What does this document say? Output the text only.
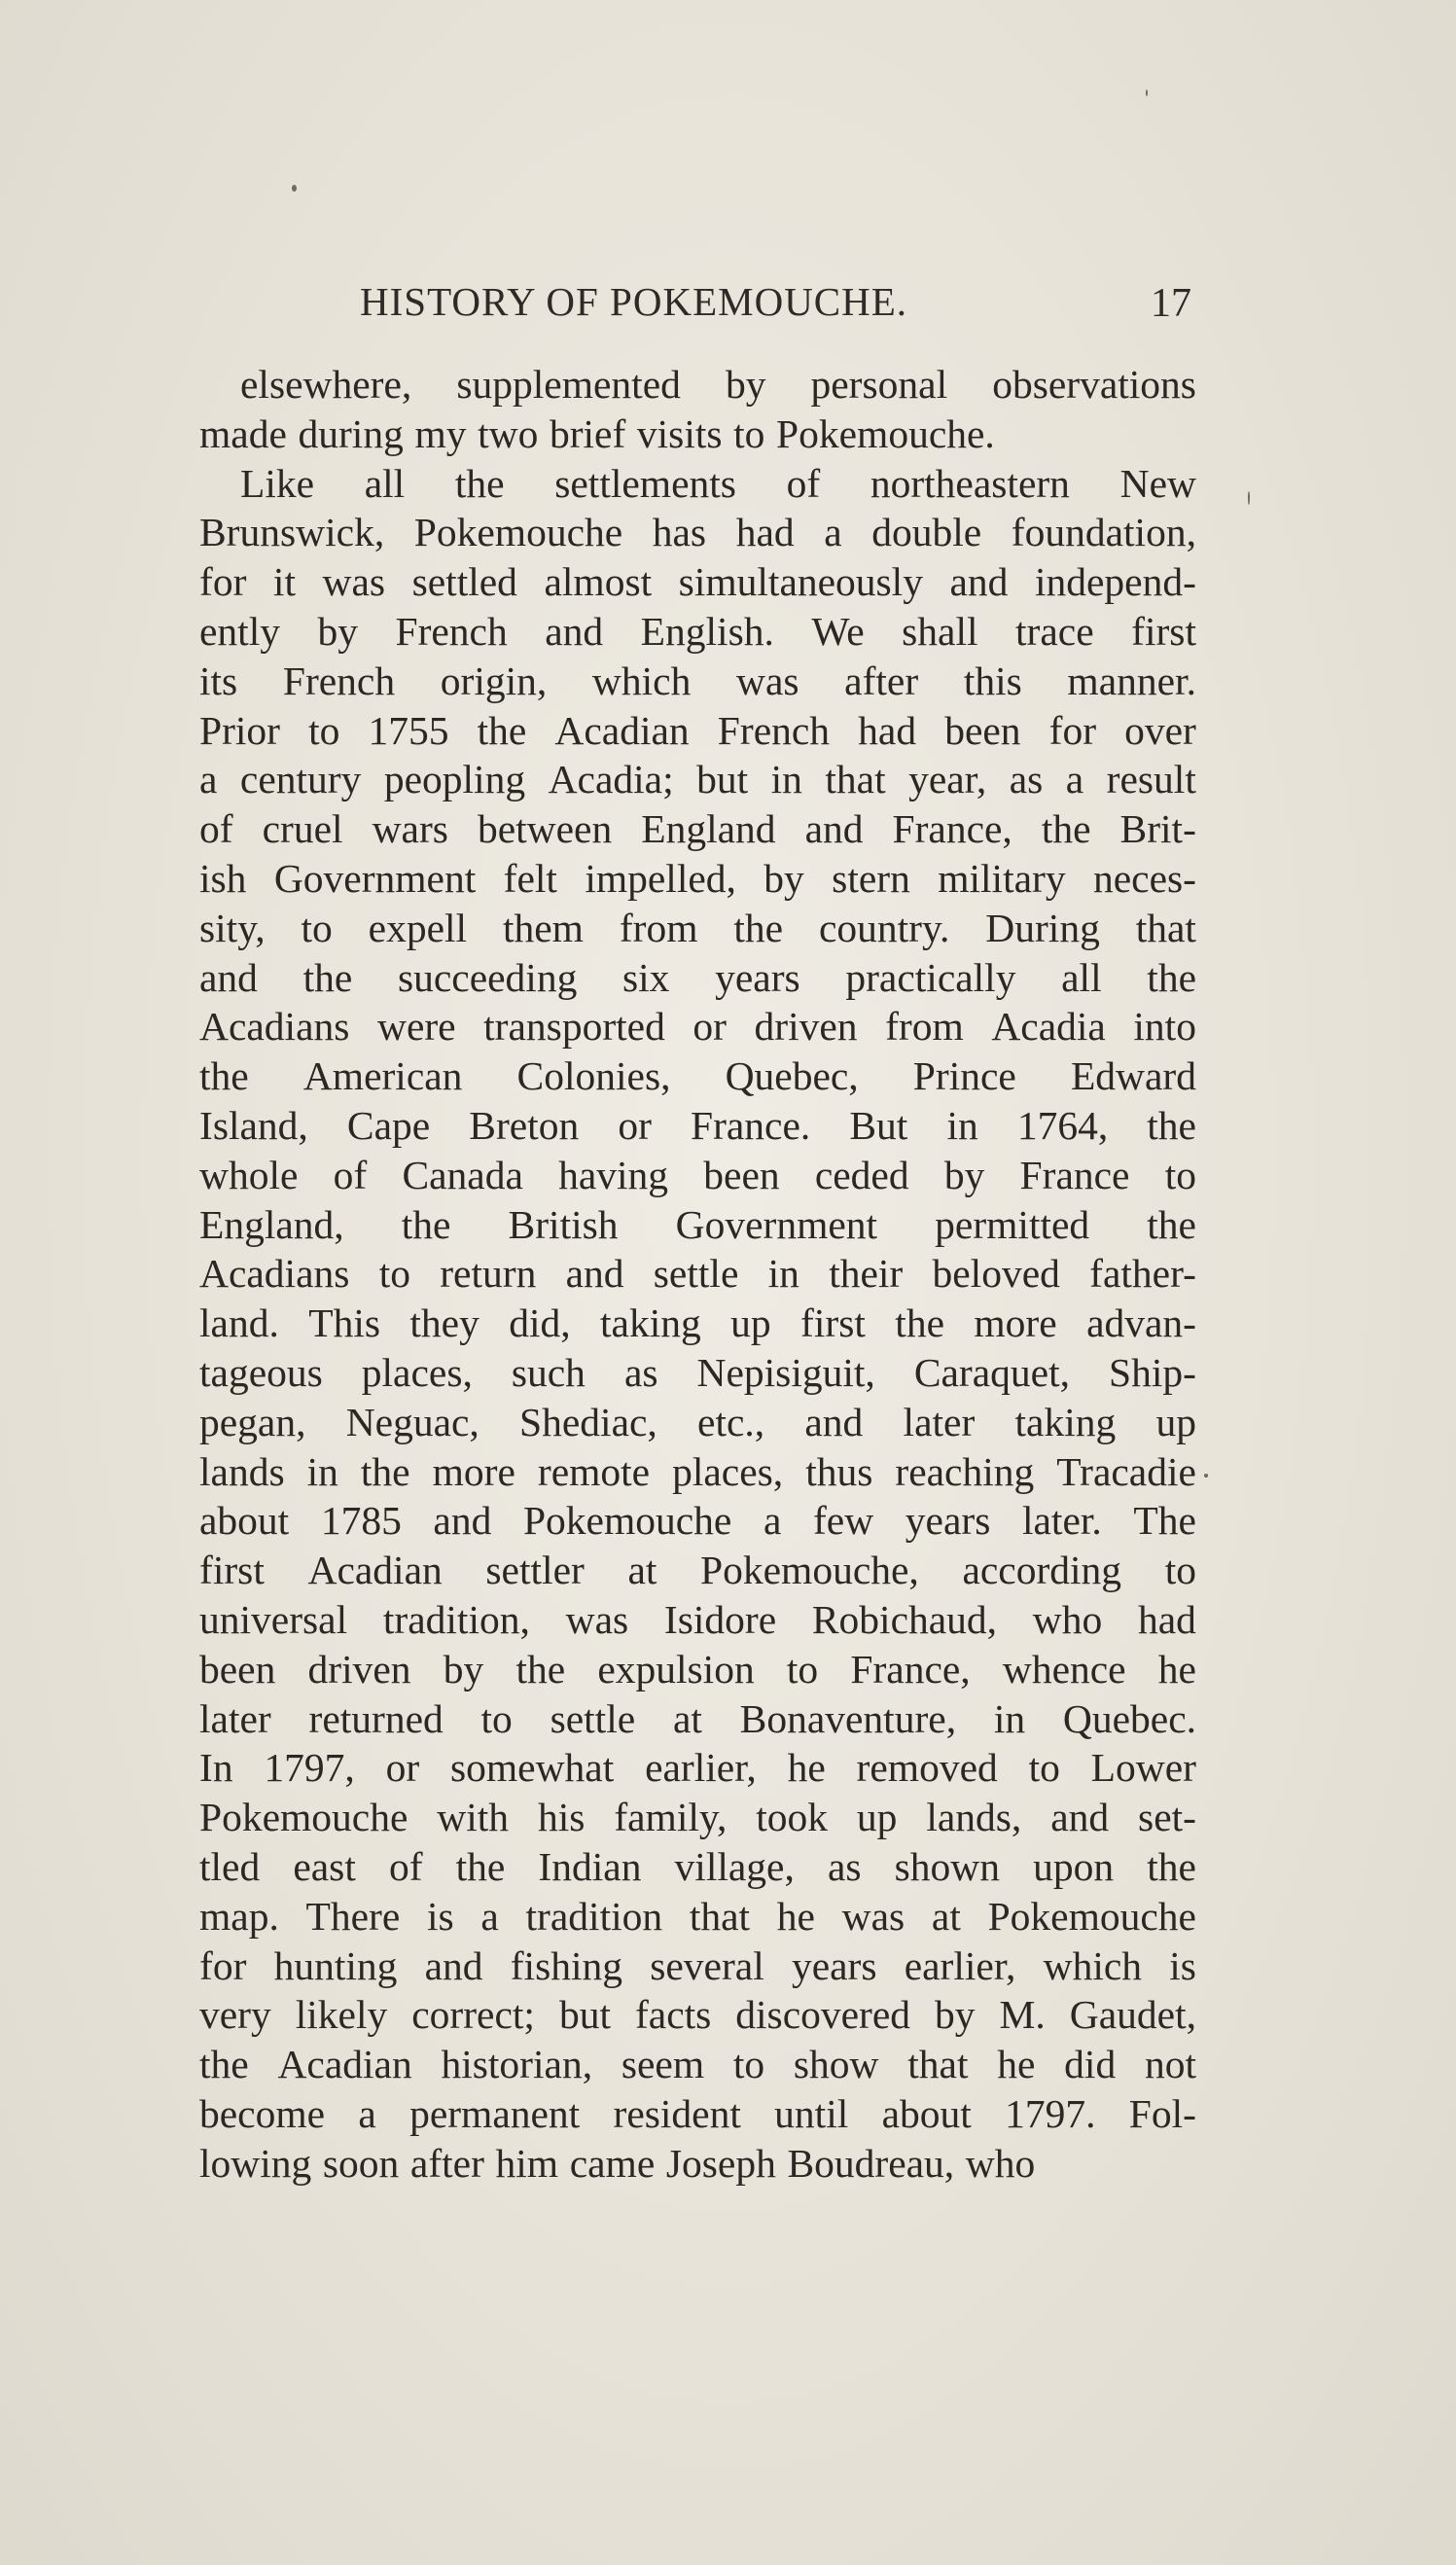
HISTORY OF POKEMOUCHE.	17
elsewhere, supplemented by personal observations
made during my two brief visits to Pokemouche.
Like all the settlements of northeastern New
Brunswick, Pokemouche has had a double foundation,
for it was settled almost simultaneously and independ-
ently by French and English. We shall trace first
its French origin, which was after this manner.
Prior to 1755 the Acadian French had been for over
a century peopling Acadia; but in that year, as a result
of cruel wars between England and France, the Brit-
ish Government felt impelled, by stern military neces-
sity, to expell them from the country. During that
and the succeeding six years practically all the
Acadians were transported or driven from Acadia into
the American Colonies, Quebec, Prince Edward
Island, Cape Breton or France. But in 1764, the
whole of Canada having been ceded by France to
England, the British Government permitted the
Acadians to return and settle in their beloved father-
land. This they did, taking up first the more advan-
tageous places, such as Nepisiguit, Caraquet, Ship-
pegan, Neguac, Shediac, etc., and later taking up
lands in the more remote places, thus reaching Tracadie
about 1785 and Pokemouche a few years later. The
first Acadian settler at Pokemouche, according to
universal tradition, was Isidore Robichaud, who had
been driven by the expulsion to France, whence he
later returned to settle at Bonaventure, in Quebec.
In 1797, or somewhat earlier, he removed to Lower
Pokemouche with his family, took up lands, and set-
tled east of the Indian village, as shown upon the
map. There is a tradition that he was at Pokemouche
for hunting and fishing several years earlier, which is
very likely correct; but facts discovered by M. Gaudet,
the Acadian historian, seem to show that he did not
become a permanent resident until about 1797. Fol-
lowing soon after him came Joseph Boudreau, who
